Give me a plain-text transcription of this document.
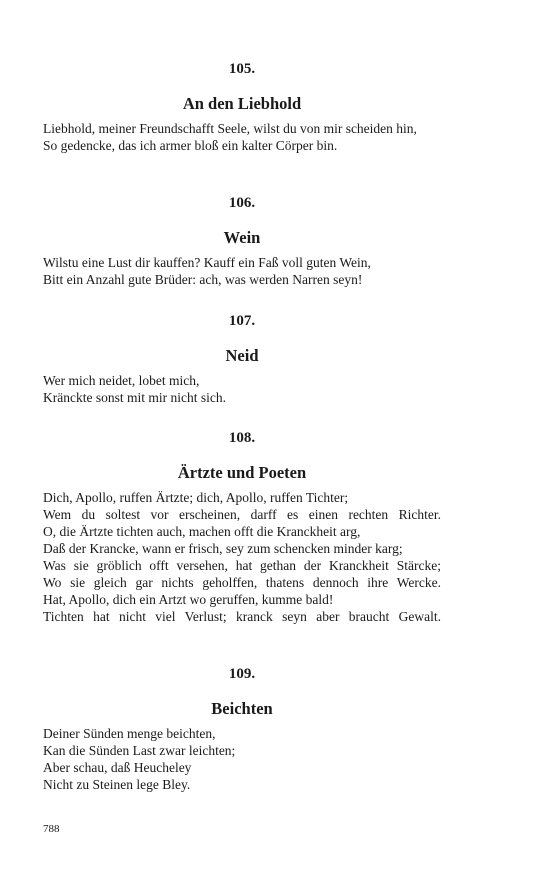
105.
An den Liebhold
Liebhold, meiner Freundschafft Seele, wilst du von mir scheiden hin,
So gedencke, das ich armer bloß ein kalter Cörper bin.
106.
Wein
Wilstu eine Lust dir kauffen? Kauff ein Faß voll guten Wein,
Bitt ein Anzahl gute Brüder: ach, was werden Narren seyn!
107.
Neid
Wer mich neidet, lobet mich,
Kränckte sonst mit mir nicht sich.
108.
Ärtzte und Poeten
Dich, Apollo, ruffen Ärtzte; dich, Apollo, ruffen Tichter;
Wem du soltest vor erscheinen, darff es einen rechten Richter.
O, die Ärtzte tichten auch, machen offt die Kranckheit arg,
Daß der Krancke, wann er frisch, sey zum schencken minder karg;
Was sie gröblich offt versehen, hat gethan der Kranckheit Stärcke;
Wo sie gleich gar nichts geholffen, thatens dennoch ihre Wercke.
Hat, Apollo, dich ein Artzt wo geruffen, kumme bald!
Tichten hat nicht viel Verlust; kranck seyn aber braucht Gewalt.
109.
Beichten
Deiner Sünden menge beichten,
Kan die Sünden Last zwar leichten;
Aber schau, daß Heucheley
Nicht zu Steinen lege Bley.
788
